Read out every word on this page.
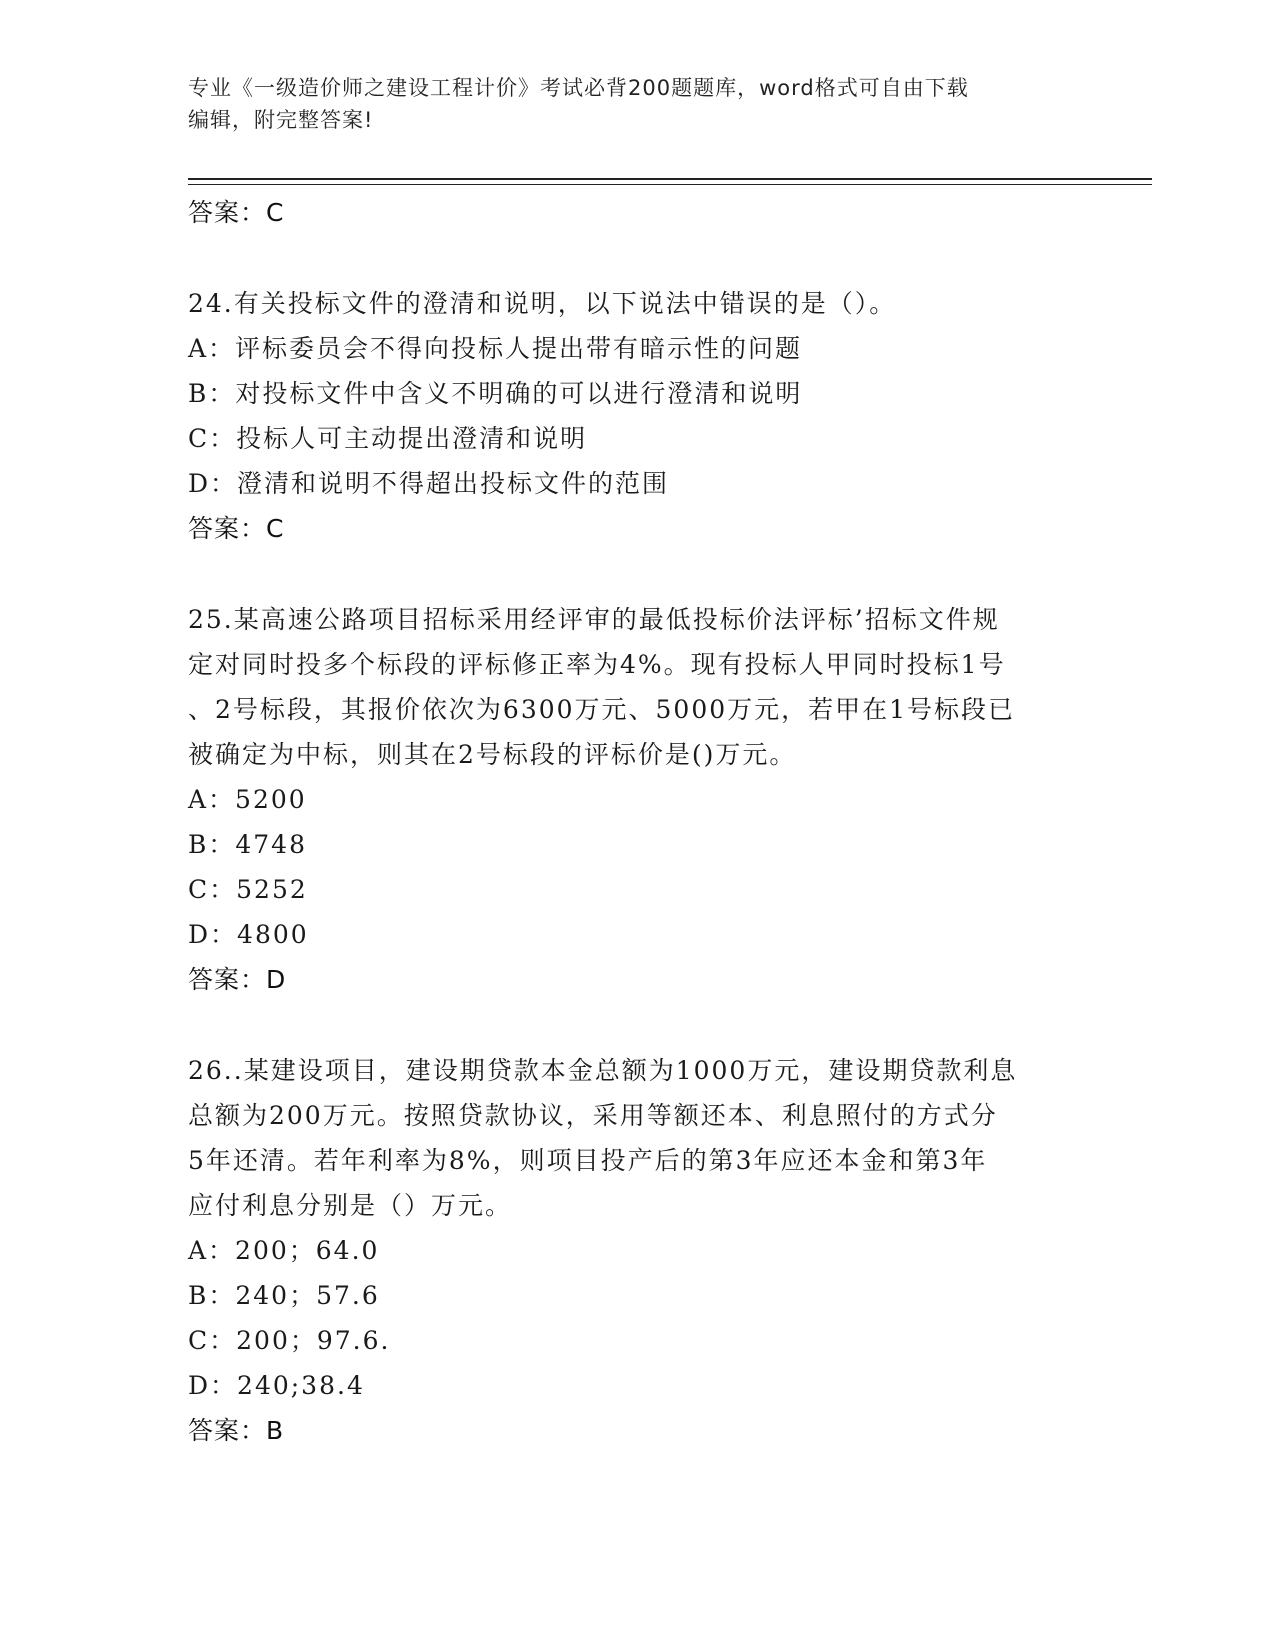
专业《一级造价师之建设工程计价》考试必背200题题库，word格式可自由下载
编辑，附完整答案!
答案：C
24.有关投标文件的澄清和说明，以下说法中错误的是（）。
A：评标委员会不得向投标人提出带有暗示性的问题
B：对投标文件中含义不明确的可以进行澄清和说明
C：投标人可主动提出澄清和说明
D：澄清和说明不得超出投标文件的范围
答案：C
25.某高速公路项目招标采用经评审的最低投标价法评标’招标文件规
定对同时投多个标段的评标修正率为4%。现有投标人甲同时投标1号
、2号标段，其报价依次为6300万元、5000万元，若甲在1号标段已
被确定为中标，则其在2号标段的评标价是()万元。
A：5200
B：4748
C：5252
D：4800
答案：D
26..某建设项目，建设期贷款本金总额为1000万元，建设期贷款利息
总额为200万元。按照贷款协议，采用等额还本、利息照付的方式分
5年还清。若年利率为8%，则项目投产后的第3年应还本金和第3年
应付利息分别是（）万元。
A：200；64.0
B：240；57.6
C：200；97.6.
D：240;38.4
答案：B
